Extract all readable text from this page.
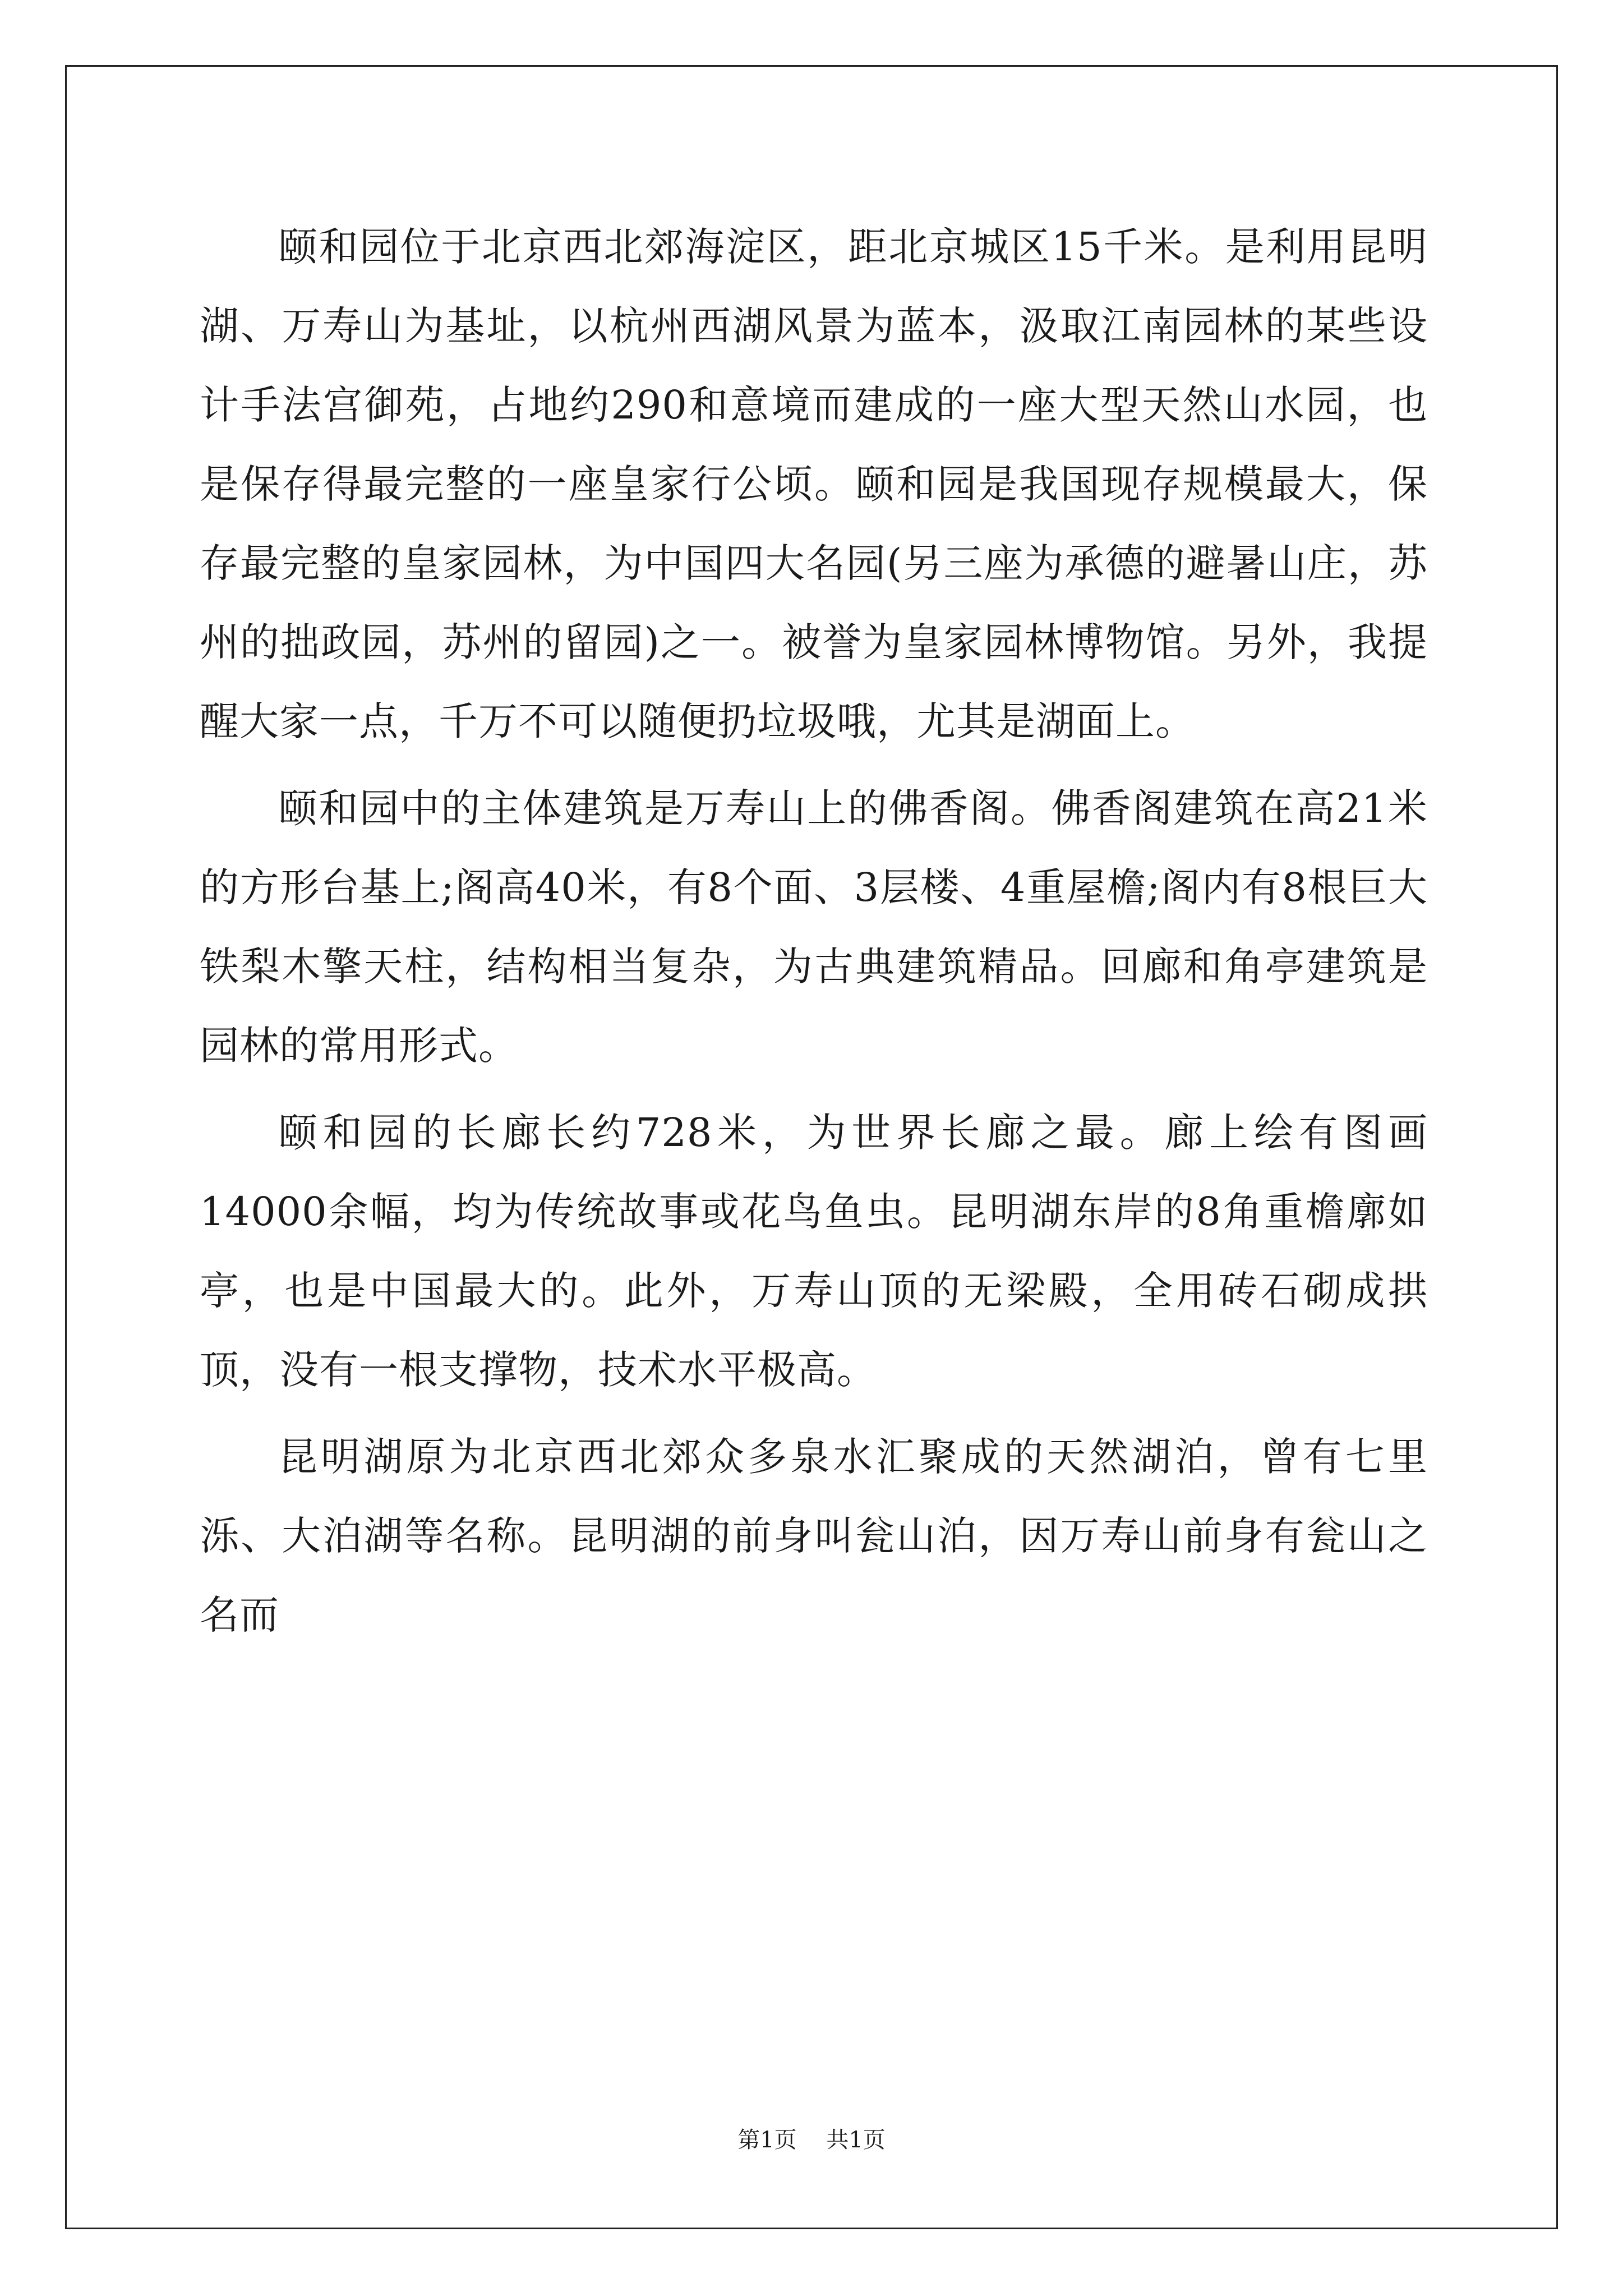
颐和园位于北京西北郊海淀区，距北京城区15千米。是利用昆明湖、万寿山为基址，以杭州西湖风景为蓝本，汲取江南园林的某些设计手法宫御苑，占地约290和意境而建成的一座大型天然山水园，也是保存得最完整的一座皇家行公顷。颐和园是我国现存规模最大，保存最完整的皇家园林，为中国四大名园(另三座为承德的避暑山庄，苏州的拙政园，苏州的留园)之一。被誉为皇家园林博物馆。另外，我提醒大家一点，千万不可以随便扔垃圾哦，尤其是湖面上。

颐和园中的主体建筑是万寿山上的佛香阁。佛香阁建筑在高21米的方形台基上;阁高40米，有8个面、3层楼、4重屋檐;阁内有8根巨大铁梨木擎天柱，结构相当复杂，为古典建筑精品。回廊和角亭建筑是园林的常用形式。

颐和园的长廊长约728米，为世界长廊之最。廊上绘有图画14000余幅，均为传统故事或花鸟鱼虫。昆明湖东岸的8角重檐廓如亭，也是中国最大的。此外，万寿山顶的无梁殿，全用砖石砌成拱顶，没有一根支撑物，技术水平极高。

昆明湖原为北京西北郊众多泉水汇聚成的天然湖泊，曾有七里泺、大泊湖等名称。昆明湖的前身叫瓮山泊，因万寿山前身有瓮山之名而

第1页 共1页
